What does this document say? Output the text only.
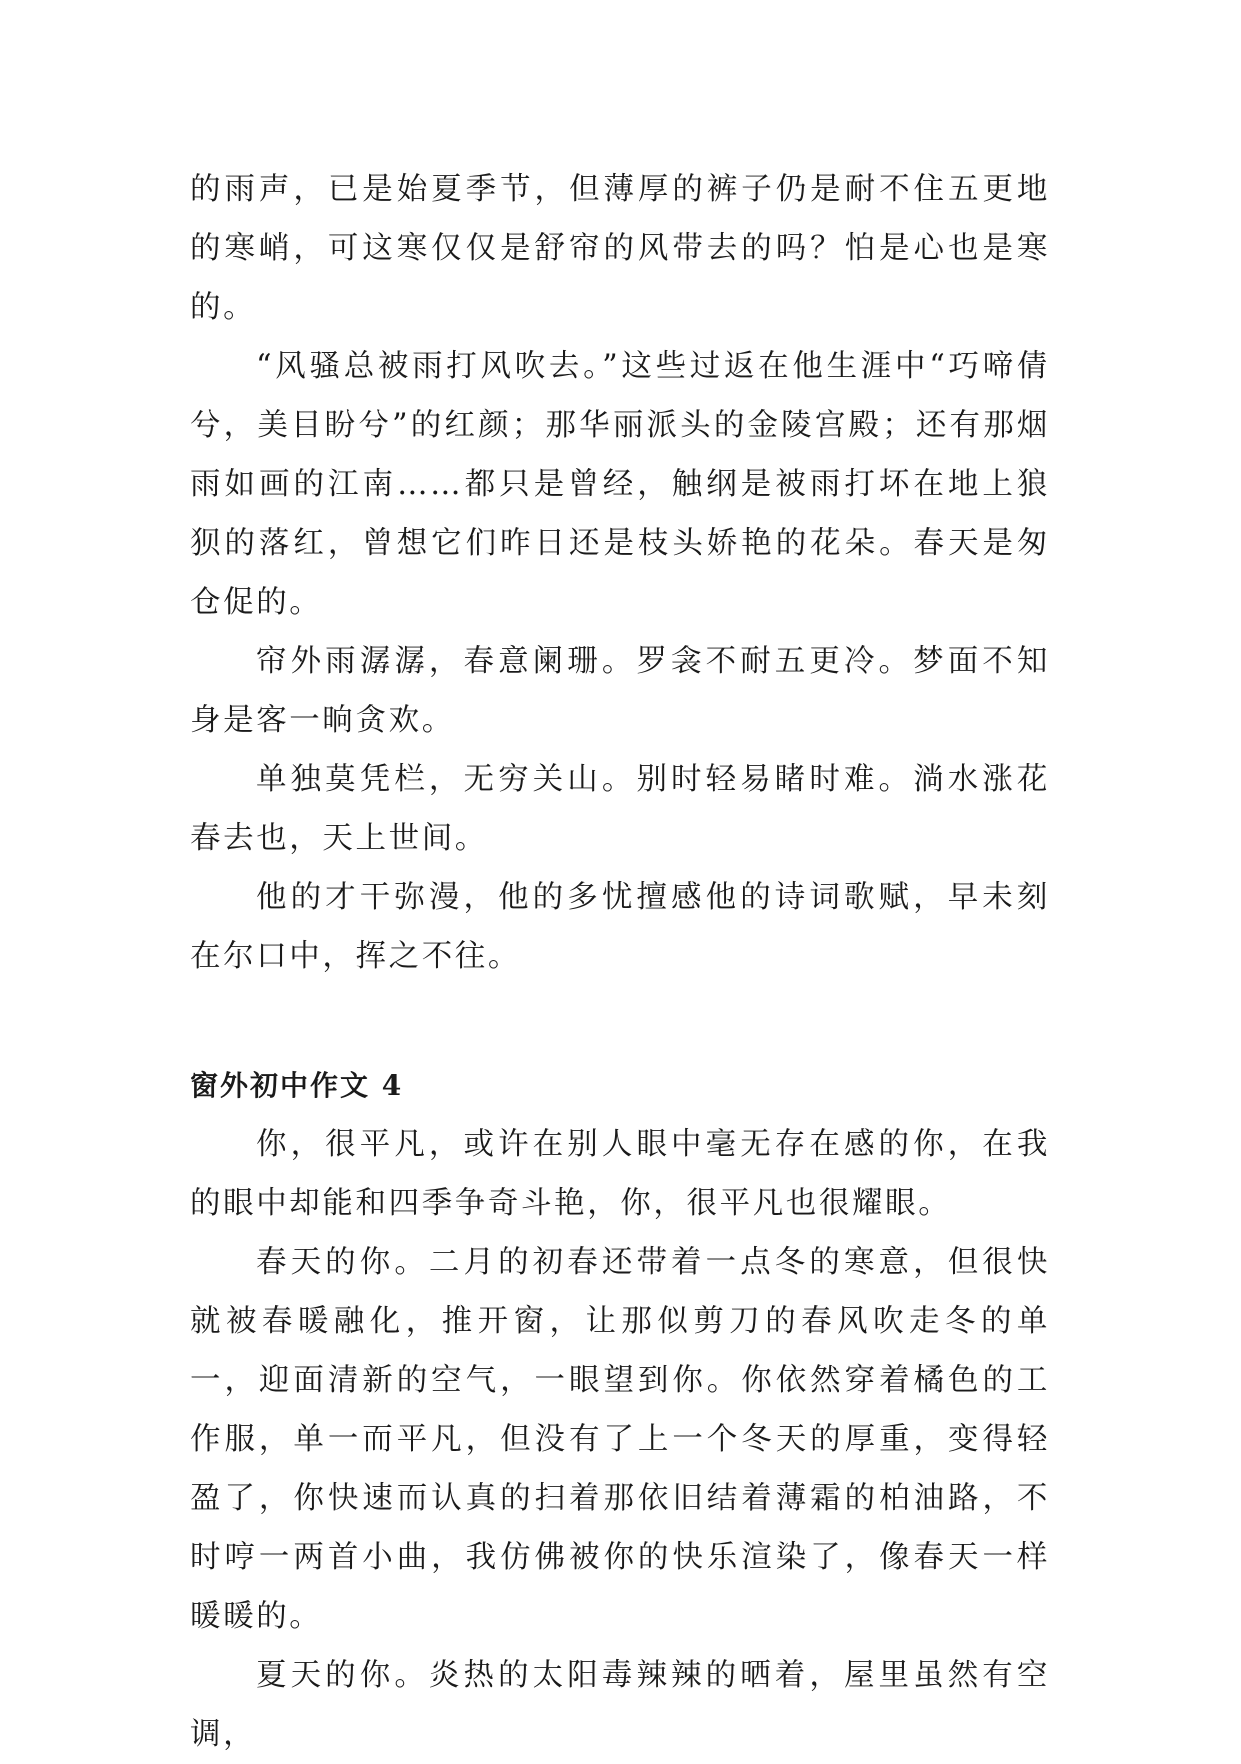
的雨声，已是始夏季节，但薄厚的裤子仍是耐不住五更地的寒峭，可这寒仅仅是舒帘的风带去的吗？怕是心也是寒的。

“风骚总被雨打风吹去。”这些过返在他生涯中“巧啼倩兮，美目盼兮”的红颜；那华丽派头的金陵宫殿；还有那烟雨如画的江南……都只是曾经，触纲是被雨打坏在地上狼狈的落红，曾想它们昨日还是枝头娇艳的花朵。春天是匆仓促的。

帘外雨潺潺，春意阑珊。罗衾不耐五更冷。梦面不知身是客一晌贪欢。

单独莫凭栏，无穷关山。别时轻易睹时难。淌水涨花春去也，天上世间。

他的才干弥漫，他的多忧擅感他的诗词歌赋，早未刻在尔口中，挥之不往。

窗外初中作文 4

你，很平凡，或许在别人眼中毫无存在感的你，在我的眼中却能和四季争奇斗艳，你，很平凡也很耀眼。

春天的你。二月的初春还带着一点冬的寒意，但很快就被春暖融化，推开窗，让那似剪刀的春风吹走冬的单一，迎面清新的空气，一眼望到你。你依然穿着橘色的工作服，单一而平凡，但没有了上一个冬天的厚重，变得轻盈了，你快速而认真的扫着那依旧结着薄霜的柏油路，不时哼一两首小曲，我仿佛被你的快乐渲染了，像春天一样暖暖的。

夏天的你。炎热的太阳毒辣辣的晒着，屋里虽然有空调，
